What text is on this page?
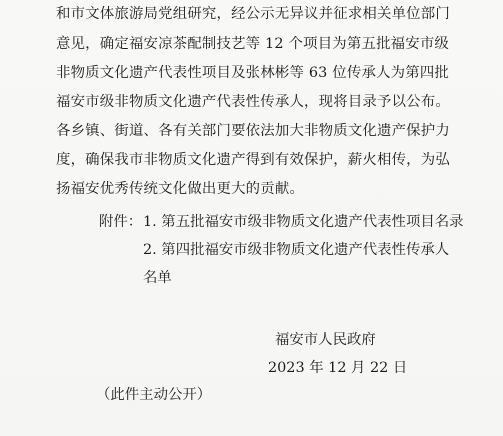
和市文体旅游局党组研究，经公示无异议并征求相关单位部门
意见，确定福安凉茶配制技艺等 12 个项目为第五批福安市级
非物质文化遗产代表性项目及张林彬等 63 位传承人为第四批
福安市级非物质文化遗产代表性传承人，现将目录予以公布。
各乡镇、街道、各有关部门要依法加大非物质文化遗产保护力
度，确保我市非物质文化遗产得到有效保护，薪火相传，为弘
扬福安优秀传统文化做出更大的贡献。
附件： 1. 第五批福安市级非物质文化遗产代表性项目名录
2. 第四批福安市级非物质文化遗产代表性传承人
名单
福安市人民政府
2023 年 12 月 22 日
（此件主动公开）
